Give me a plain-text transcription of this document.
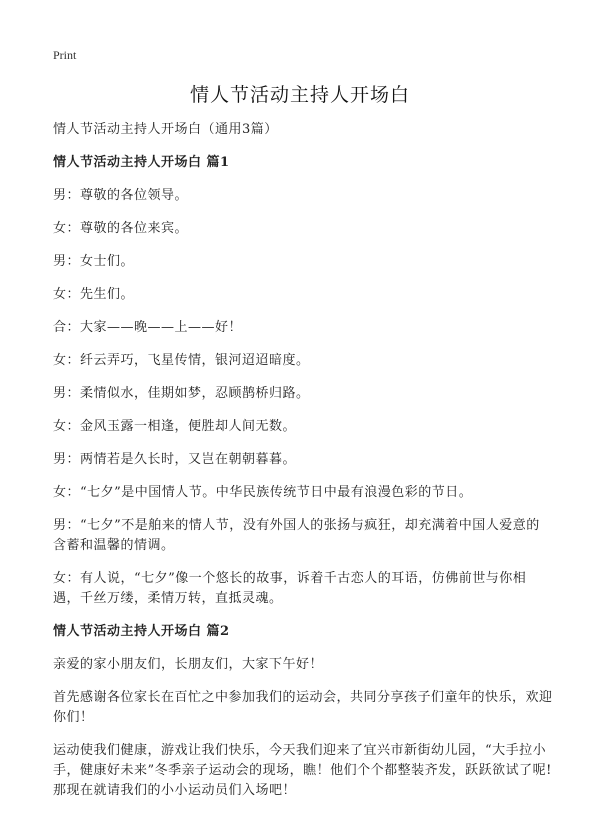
Print
情人节活动主持人开场白

情人节活动主持人开场白（通用3篇）

情人节活动主持人开场白 篇1

男：尊敬的各位领导。

女：尊敬的各位来宾。

男：女士们。

女：先生们。

合：大家——晚——上——好！

女：纤云弄巧，飞星传情，银河迢迢暗度。

男：柔情似水，佳期如梦，忍顾鹊桥归路。

女：金风玉露一相逢，便胜却人间无数。

男：两情若是久长时，又岂在朝朝暮暮。

女：“七夕”是中国情人节。中华民族传统节日中最有浪漫色彩的节日。

男：“七夕”不是舶来的情人节，没有外国人的张扬与疯狂，却充满着中国人爱意的含蓄和温馨的情调。

女：有人说，“七夕”像一个悠长的故事，诉着千古恋人的耳语，仿佛前世与你相遇，千丝万缕，柔情万转，直抵灵魂。

情人节活动主持人开场白 篇2

亲爱的家小朋友们，长朋友们，大家下午好！

首先感谢各位家长在百忙之中参加我们的运动会，共同分享孩子们童年的快乐，欢迎你们！

运动使我们健康，游戏让我们快乐，今天我们迎来了宜兴市新街幼儿园，“大手拉小手，健康好未来”冬季亲子运动会的现场，瞧！他们个个都整装齐发，跃跃欲试了呢!那现在就请我们的小小运动员们入场吧！
